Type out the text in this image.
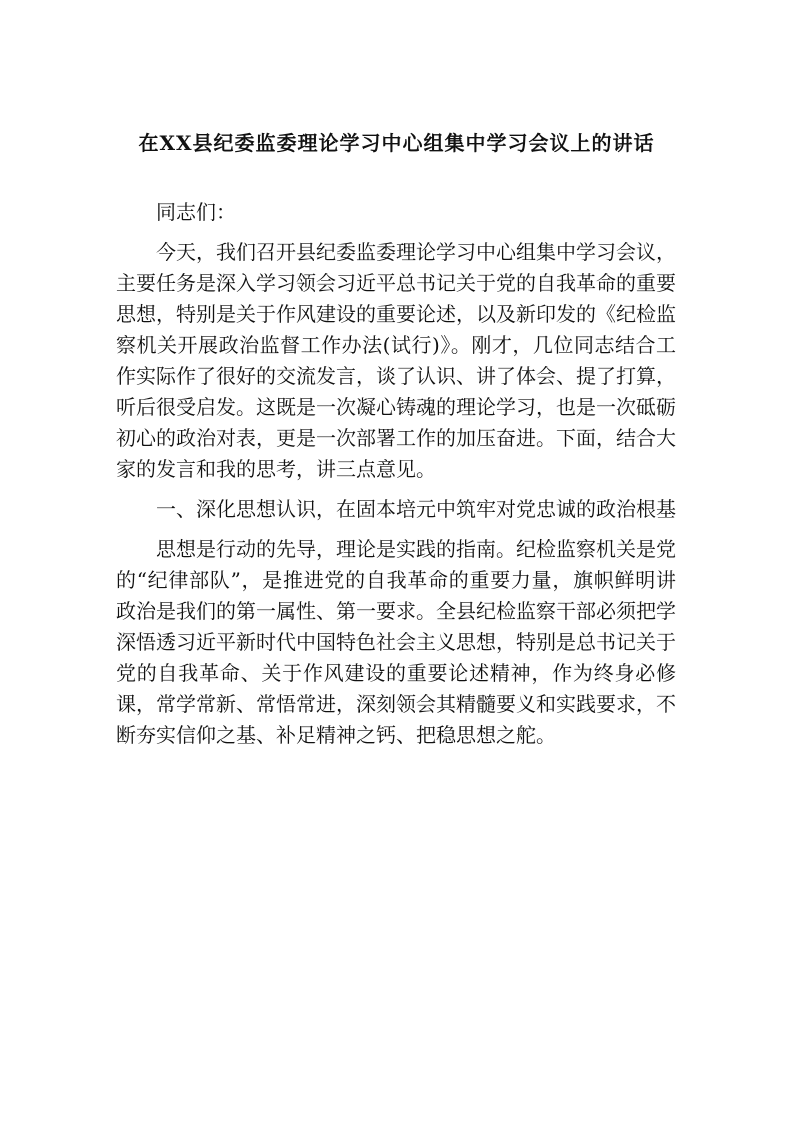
在XX县纪委监委理论学习中心组集中学习会议上的讲话

同志们：

今天，我们召开县纪委监委理论学习中心组集中学习会议，主要任务是深入学习领会习近平总书记关于党的自我革命的重要思想，特别是关于作风建设的重要论述，以及新印发的《纪检监察机关开展政治监督工作办法(试行)》。刚才，几位同志结合工作实际作了很好的交流发言，谈了认识、讲了体会、提了打算，听后很受启发。这既是一次凝心铸魂的理论学习，也是一次砥砺初心的政治对表，更是一次部署工作的加压奋进。下面，结合大家的发言和我的思考，讲三点意见。

一、深化思想认识，在固本培元中筑牢对党忠诚的政治根基

思想是行动的先导，理论是实践的指南。纪检监察机关是党的“纪律部队”，是推进党的自我革命的重要力量，旗帜鲜明讲政治是我们的第一属性、第一要求。全县纪检监察干部必须把学深悟透习近平新时代中国特色社会主义思想，特别是总书记关于党的自我革命、关于作风建设的重要论述精神，作为终身必修课，常学常新、常悟常进，深刻领会其精髓要义和实践要求，不断夯实信仰之基、补足精神之钙、把稳思想之舵。
